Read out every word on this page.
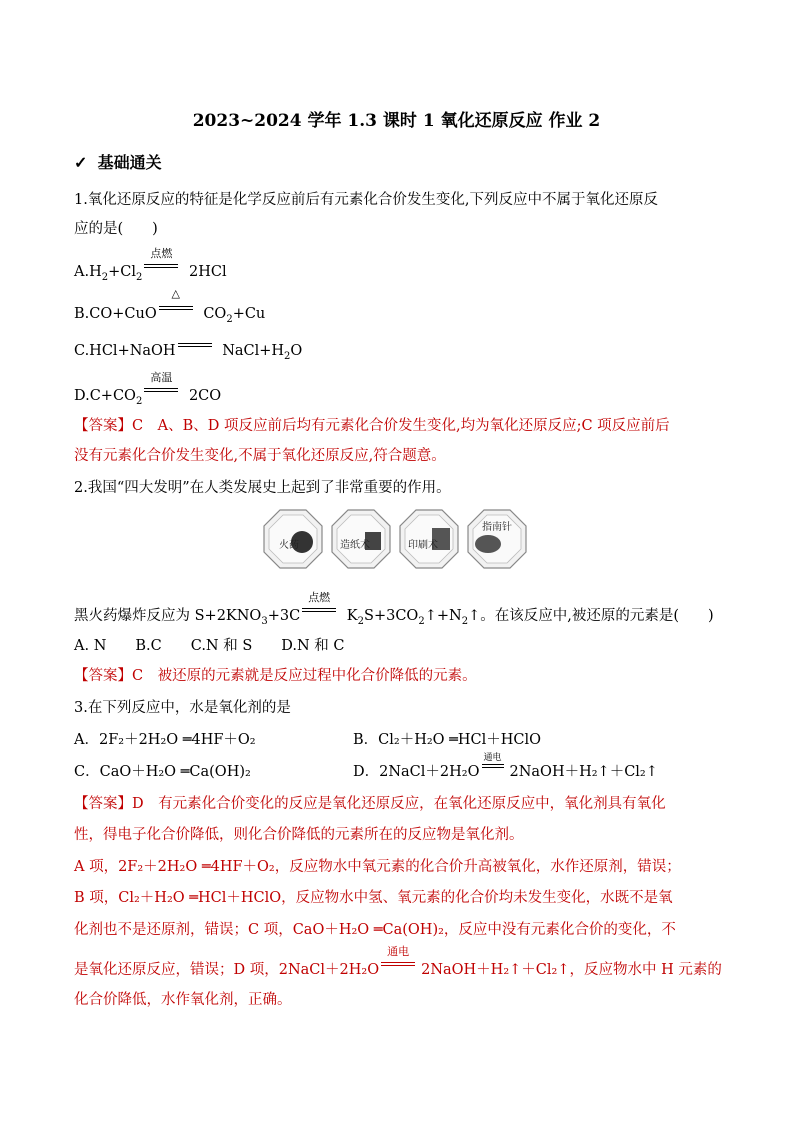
2023~2024 学年 1.3 课时 1 氧化还原反应 作业 2
✓ 基础通关
1.氧化还原反应的特征是化学反应前后有元素化合价发生变化,下列反应中不属于氧化还原反
应的是(　　)
$A.H_2+Cl_2$
点燃
2HCl
B.CO+CuO
△
$CO_2+Cu$
C.HCl+NaOH	$NaCl+H_2O$
$D.C+CO_2$
高温
2CO
【答案】C　A、B、D 项反应前后均有元素化合价发生变化,均为氧化还原反应;C 项反应前后
没有元素化合价发生变化,不属于氧化还原反应,符合题意。
2.我国“四大发明”在人类发展史上起到了非常重要的作用。
火药	造纸术	印刷术
指南针
黑火药爆炸反应为 $S+2KNO_3+3C$
点燃
$K_2S+3CO_2↑+N_2↑$。在该反应中,被还原的元素是(　　)
A. N　　B.C　　C.N 和 S　　D.N 和 C
【答案】C　被还原的元素就是反应过程中化合价降低的元素。
3.在下列反应中，水是氧化剂的是
A．2F₂＋2H₂O ═4HF＋O₂	B．Cl₂＋H₂O ═HCl＋HClO
C．CaO＋H₂O ═Ca(OH)₂	D．2NaCl＋2H₂O
通电
2NaOH＋H₂↑＋Cl₂↑
【答案】D　有元素化合价变化的反应是氧化还原反应，在氧化还原反应中，氧化剂具有氧化
性，得电子化合价降低，则化合价降低的元素所在的反应物是氧化剂。
A 项，2F₂＋2H₂O ═4HF＋O₂，反应物水中氧元素的化合价升高被氧化，水作还原剂，错误；
B 项，Cl₂＋H₂O ═HCl＋HClO，反应物水中氢、氧元素的化合价均未发生变化，水既不是氧
化剂也不是还原剂，错误；C 项，CaO＋H₂O ═Ca(OH)₂，反应中没有元素化合价的变化，不
是氧化还原反应，错误；D 项，2NaCl＋2H₂O
通电
2NaOH＋H₂↑＋Cl₂↑，反应物水中 H 元素的
化合价降低，水作氧化剂，正确。
